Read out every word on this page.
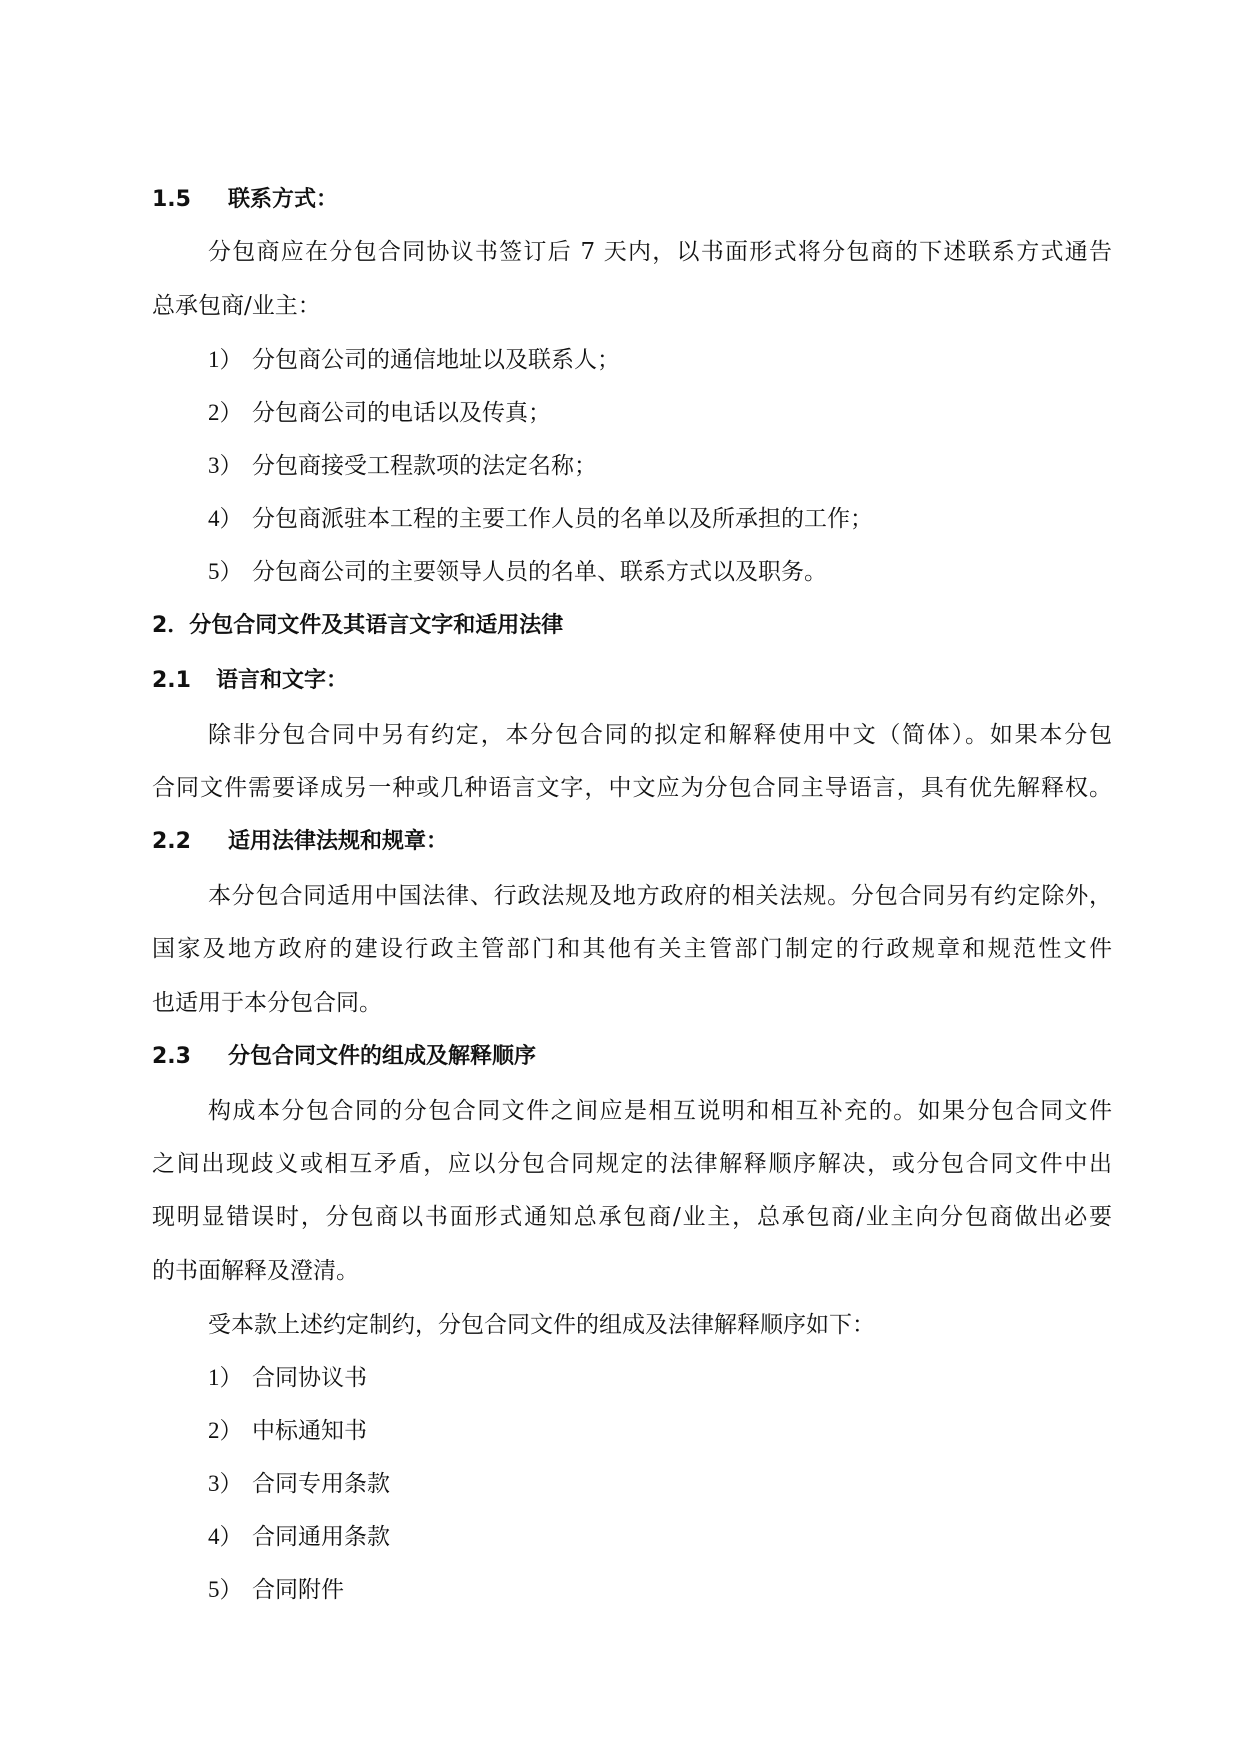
1.5 联系方式：
分包商应在分包合同协议书签订后 7 天内，以书面形式将分包商的下述联系方式通告
总承包商/业主：
1） 分包商公司的通信地址以及联系人；
2） 分包商公司的电话以及传真；
3） 分包商接受工程款项的法定名称；
4） 分包商派驻本工程的主要工作人员的名单以及所承担的工作；
5） 分包商公司的主要领导人员的名单、联系方式以及职务。
2．分包合同文件及其语言文字和适用法律
2.1 语言和文字：
除非分包合同中另有约定，本分包合同的拟定和解释使用中文（简体）。如果本分包
合同文件需要译成另一种或几种语言文字，中文应为分包合同主导语言，具有优先解释权。
2.2 适用法律法规和规章：
本分包合同适用中国法律、行政法规及地方政府的相关法规。分包合同另有约定除外，
国家及地方政府的建设行政主管部门和其他有关主管部门制定的行政规章和规范性文件
也适用于本分包合同。
2.3 分包合同文件的组成及解释顺序
构成本分包合同的分包合同文件之间应是相互说明和相互补充的。如果分包合同文件
之间出现歧义或相互矛盾，应以分包合同规定的法律解释顺序解决，或分包合同文件中出
现明显错误时，分包商以书面形式通知总承包商/业主，总承包商/业主向分包商做出必要
的书面解释及澄清。
受本款上述约定制约，分包合同文件的组成及法律解释顺序如下：
1） 合同协议书
2） 中标通知书
3） 合同专用条款
4） 合同通用条款
5） 合同附件
